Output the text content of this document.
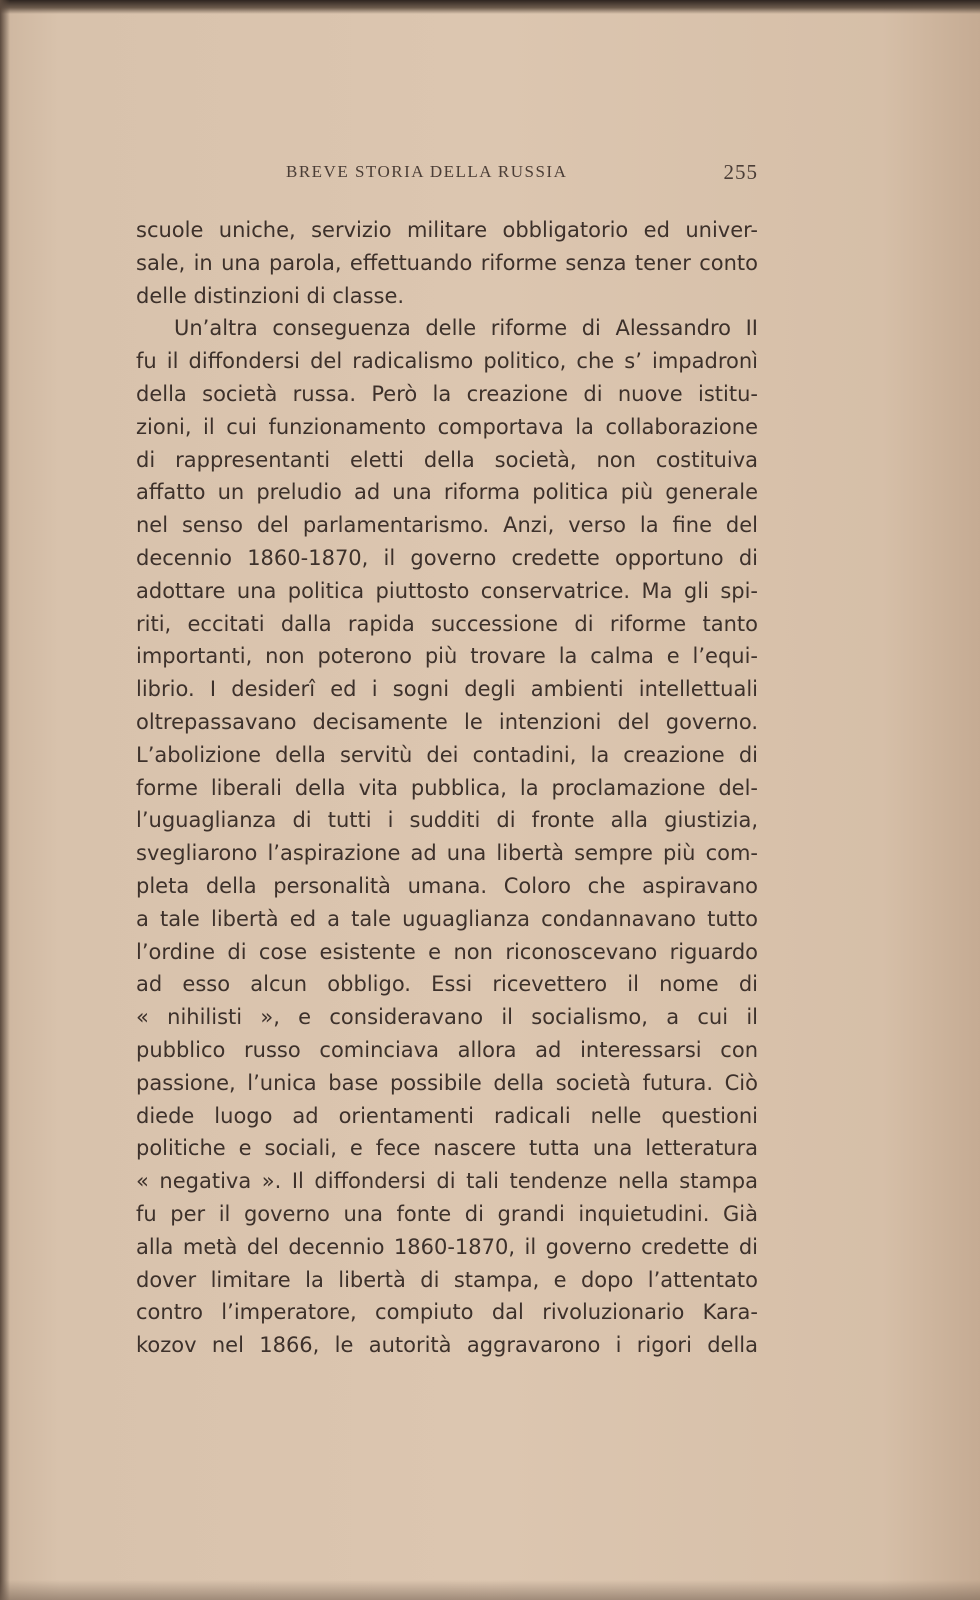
BREVE STORIA DELLA RUSSIA	255
scuole uniche, servizio militare obbligatorio ed univer-
sale, in una parola, effettuando riforme senza tener conto
delle distinzioni di classe.
Un’altra conseguenza delle riforme di Alessandro II
fu il diffondersi del radicalismo politico, che s’ impadronì
della società russa. Però la creazione di nuove istitu-
zioni, il cui funzionamento comportava la collaborazione
di rappresentanti eletti della società, non costituiva
affatto un preludio ad una riforma politica più generale
nel senso del parlamentarismo. Anzi, verso la fine del
decennio 1860-1870, il governo credette opportuno di
adottare una politica piuttosto conservatrice. Ma gli spi-
riti, eccitati dalla rapida successione di riforme tanto
importanti, non poterono più trovare la calma e l’equi-
librio. I desiderî ed i sogni degli ambienti intellettuali
oltrepassavano decisamente le intenzioni del governo.
L’abolizione della servitù dei contadini, la creazione di
forme liberali della vita pubblica, la proclamazione del-
l’uguaglianza di tutti i sudditi di fronte alla giustizia,
svegliarono l’aspirazione ad una libertà sempre più com-
pleta della personalità umana. Coloro che aspiravano
a tale libertà ed a tale uguaglianza condannavano tutto
l’ordine di cose esistente e non riconoscevano riguardo
ad esso alcun obbligo. Essi ricevettero il nome di
« nihilisti », e consideravano il socialismo, a cui il
pubblico russo cominciava allora ad interessarsi con
passione, l’unica base possibile della società futura. Ciò
diede luogo ad orientamenti radicali nelle questioni
politiche e sociali, e fece nascere tutta una letteratura
« negativa ». Il diffondersi di tali tendenze nella stampa
fu per il governo una fonte di grandi inquietudini. Già
alla metà del decennio 1860-1870, il governo credette di
dover limitare la libertà di stampa, e dopo l’attentato
contro l’imperatore, compiuto dal rivoluzionario Kara-
kozov nel 1866, le autorità aggravarono i rigori della
